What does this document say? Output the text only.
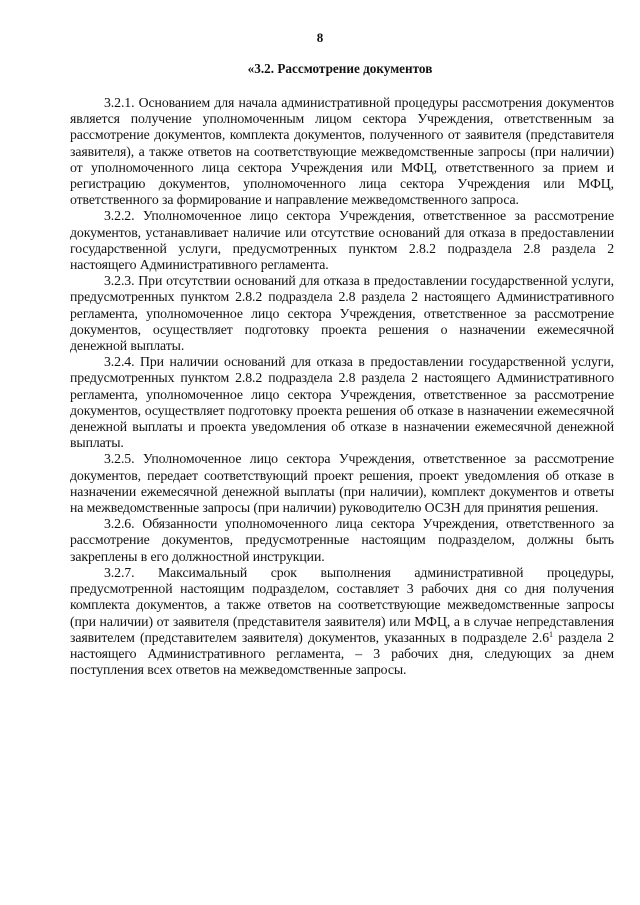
8
«3.2. Рассмотрение документов

3.2.1. Основанием для начала административной процедуры рассмотрения документов является получение уполномоченным лицом сектора Учреждения, ответственным за рассмотрение документов, комплекта документов, полученного от заявителя (представителя заявителя), а также ответов на соответствующие межведомственные запросы (при наличии) от уполномоченного лица сектора Учреждения или МФЦ, ответственного за прием и регистрацию документов, уполномоченного лица сектора Учреждения или МФЦ, ответственного за формирование и направление межведомственного запроса.

3.2.2. Уполномоченное лицо сектора Учреждения, ответственное за рассмотрение документов, устанавливает наличие или отсутствие оснований для отказа в предоставлении государственной услуги, предусмотренных пунктом 2.8.2 подраздела 2.8 раздела 2 настоящего Административного регламента.

3.2.3. При отсутствии оснований для отказа в предоставлении государственной услуги, предусмотренных пунктом 2.8.2 подраздела 2.8 раздела 2 настоящего Административного регламента, уполномоченное лицо сектора Учреждения, ответственное за рассмотрение документов, осуществляет подготовку проекта решения о назначении ежемесячной денежной выплаты.

3.2.4. При наличии оснований для отказа в предоставлении государственной услуги, предусмотренных пунктом 2.8.2 подраздела 2.8 раздела 2 настоящего Административного регламента, уполномоченное лицо сектора Учреждения, ответственное за рассмотрение документов, осуществляет подготовку проекта решения об отказе в назначении ежемесячной денежной выплаты и проекта уведомления об отказе в назначении ежемесячной денежной выплаты.

3.2.5. Уполномоченное лицо сектора Учреждения, ответственное за рассмотрение документов, передает соответствующий проект решения, проект уведомления об отказе в назначении ежемесячной денежной выплаты (при наличии), комплект документов и ответы на межведомственные запросы (при наличии) руководителю ОСЗН для принятия решения.

3.2.6. Обязанности уполномоченного лица сектора Учреждения, ответственного за рассмотрение документов, предусмотренные настоящим подразделом, должны быть закреплены в его должностной инструкции.

3.2.7. Максимальный срок выполнения административной процедуры, предусмотренной настоящим подразделом, составляет 3 рабочих дня со дня получения комплекта документов, а также ответов на соответствующие межведомственные запросы (при наличии) от заявителя (представителя заявителя) или МФЦ, а в случае непредставления заявителем (представителем заявителя) документов, указанных в подразделе $2.6^1$ раздела 2 настоящего Административного регламента, – 3 рабочих дня, следующих за днем поступления всех ответов на межведомственные запросы.
